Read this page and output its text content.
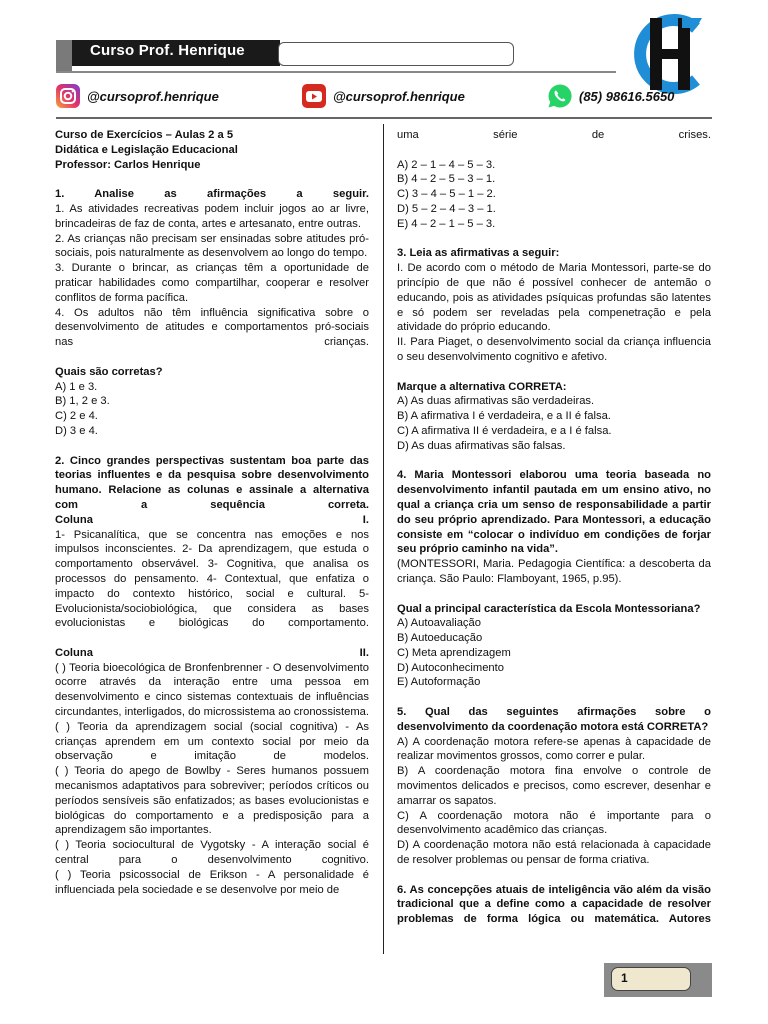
Curso Prof. Henrique
@cursoprof.henrique	@cursoprof.henrique	(85) 98616.5650

Curso de Exercícios – Aulas 2 a 5

Didática e Legislação Educacional

Professor: Carlos Henrique

1. Analise as afirmações a seguir.

1. As atividades recreativas podem incluir jogos ao ar livre, brincadeiras de faz de conta, artes e artesanato, entre outras.

2. As crianças não precisam ser ensinadas sobre atitudes pró-sociais, pois naturalmente as desenvolvem ao longo do tempo.

3. Durante o brincar, as crianças têm a oportunidade de praticar habilidades como compartilhar, cooperar e resolver conflitos de forma pacífica.

4. Os adultos não têm influência significativa sobre o desenvolvimento de atitudes e comportamentos pró-sociais nas crianças.

Quais são corretas?

A) 1 e 3.

B) 1, 2 e 3.

C) 2 e 4.

D) 3 e 4.

2. Cinco grandes perspectivas sustentam boa parte das teorias influentes e da pesquisa sobre desenvolvimento humano. Relacione as colunas e assinale a alternativa com a sequência correta.

Coluna I.

1- Psicanalítica, que se concentra nas emoções e nos impulsos inconscientes. 2- Da aprendizagem, que estuda o comportamento observável. 3- Cognitiva, que analisa os processos do pensamento. 4- Contextual, que enfatiza o impacto do contexto histórico, social e cultural. 5- Evolucionista/sociobiológica, que considera as bases evolucionistas e biológicas do comportamento.

Coluna II.

( ) Teoria bioecológica de Bronfenbrenner - O desenvolvimento ocorre através da interação entre uma pessoa em desenvolvimento e cinco sistemas contextuais de influências circundantes, interligados, do microssistema ao cronossistema.

( ) Teoria da aprendizagem social (social cognitiva) - As crianças aprendem em um contexto social por meio da observação e imitação de modelos.

( ) Teoria do apego de Bowlby - Seres humanos possuem mecanismos adaptativos para sobreviver; períodos críticos ou períodos sensíveis são enfatizados; as bases evolucionistas e biológicas do comportamento e a predisposição para a aprendizagem são importantes.

( ) Teoria sociocultural de Vygotsky - A interação social é central para o desenvolvimento cognitivo.

( ) Teoria psicossocial de Erikson - A personalidade é influenciada pela sociedade e se desenvolve por meio de

uma série de crises.

A) 2 – 1 – 4 – 5 – 3.

B) 4 – 2 – 5 – 3 – 1.

C) 3 – 4 – 5 – 1 – 2.

D) 5 – 2 – 4 – 3 – 1.

E) 4 – 2 – 1 – 5 – 3.

3. Leia as afirmativas a seguir:

I. De acordo com o método de Maria Montessori, parte-se do princípio de que não é possível conhecer de antemão o educando, pois as atividades psíquicas profundas são latentes e só podem ser reveladas pela compenetração e pela atividade do próprio educando.

II. Para Piaget, o desenvolvimento social da criança influencia o seu desenvolvimento cognitivo e afetivo.

Marque a alternativa CORRETA:

A) As duas afirmativas são verdadeiras.

B) A afirmativa I é verdadeira, e a II é falsa.

C) A afirmativa II é verdadeira, e a I é falsa.

D) As duas afirmativas são falsas.

4. Maria Montessori elaborou uma teoria baseada no desenvolvimento infantil pautada em um ensino ativo, no qual a criança cria um senso de responsabilidade a partir do seu próprio aprendizado. Para Montessori, a educação consiste em “colocar o indivíduo em condições de forjar seu próprio caminho na vida”.

(MONTESSORI, Maria. Pedagogia Científica: a descoberta da criança. São Paulo: Flamboyant, 1965, p.95).

Qual a principal característica da Escola Montessoriana?

A) Autoavaliação

B) Autoeducação

C) Meta aprendizagem

D) Autoconhecimento

E) Autoformação

5. Qual das seguintes afirmações sobre o desenvolvimento da coordenação motora está CORRETA?

A) A coordenação motora refere-se apenas à capacidade de realizar movimentos grossos, como correr e pular.

B) A coordenação motora fina envolve o controle de movimentos delicados e precisos, como escrever, desenhar e amarrar os sapatos.

C) A coordenação motora não é importante para o desenvolvimento acadêmico das crianças.

D) A coordenação motora não está relacionada à capacidade de resolver problemas ou pensar de forma criativa.

6. As concepções atuais de inteligência vão além da visão tradicional que a define como a capacidade de resolver problemas de forma lógica ou matemática. Autores

1
